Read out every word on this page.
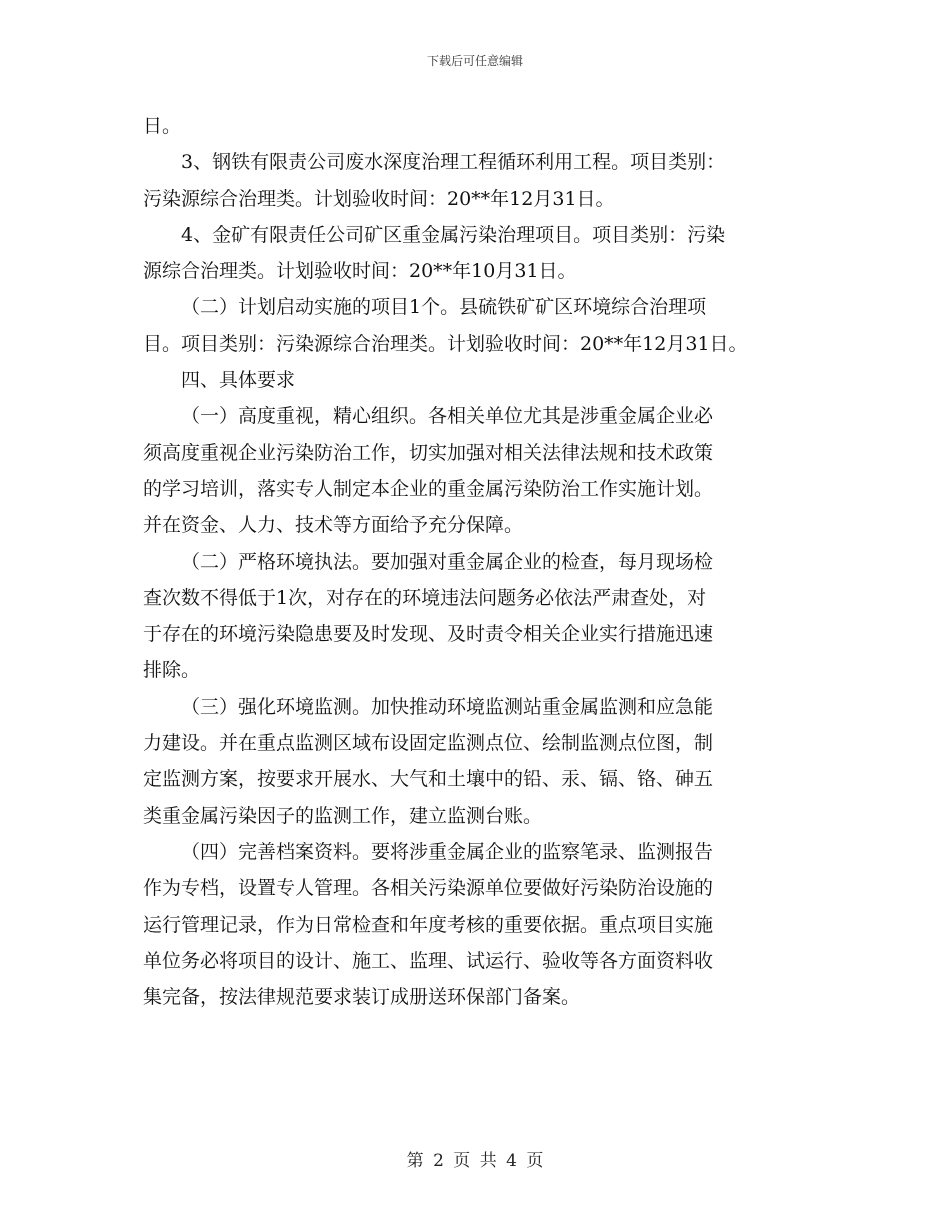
下载后可任意编辑
日。
3、钢铁有限责公司废水深度治理工程循环利用工程。项目类别：
污染源综合治理类。计划验收时间：20**年12月31日。
4、金矿有限责任公司矿区重金属污染治理项目。项目类别：污染
源综合治理类。计划验收时间：20**年10月31日。
（二）计划启动实施的项目1个。县硫铁矿矿区环境综合治理项
目。项目类别：污染源综合治理类。计划验收时间：20**年12月31日。
四、具体要求
（一）高度重视，精心组织。各相关单位尤其是涉重金属企业必
须高度重视企业污染防治工作，切实加强对相关法律法规和技术政策
的学习培训，落实专人制定本企业的重金属污染防治工作实施计划。
并在资金、人力、技术等方面给予充分保障。
（二）严格环境执法。要加强对重金属企业的检查，每月现场检
查次数不得低于1次，对存在的环境违法问题务必依法严肃查处，对
于存在的环境污染隐患要及时发现、及时责令相关企业实行措施迅速
排除。
（三）强化环境监测。加快推动环境监测站重金属监测和应急能
力建设。并在重点监测区域布设固定监测点位、绘制监测点位图，制
定监测方案，按要求开展水、大气和土壤中的铅、汞、镉、铬、砷五
类重金属污染因子的监测工作，建立监测台账。
（四）完善档案资料。要将涉重金属企业的监察笔录、监测报告
作为专档，设置专人管理。各相关污染源单位要做好污染防治设施的
运行管理记录，作为日常检查和年度考核的重要依据。重点项目实施
单位务必将项目的设计、施工、监理、试运行、验收等各方面资料收
集完备，按法律规范要求装订成册送环保部门备案。
第 2 页 共 4 页
